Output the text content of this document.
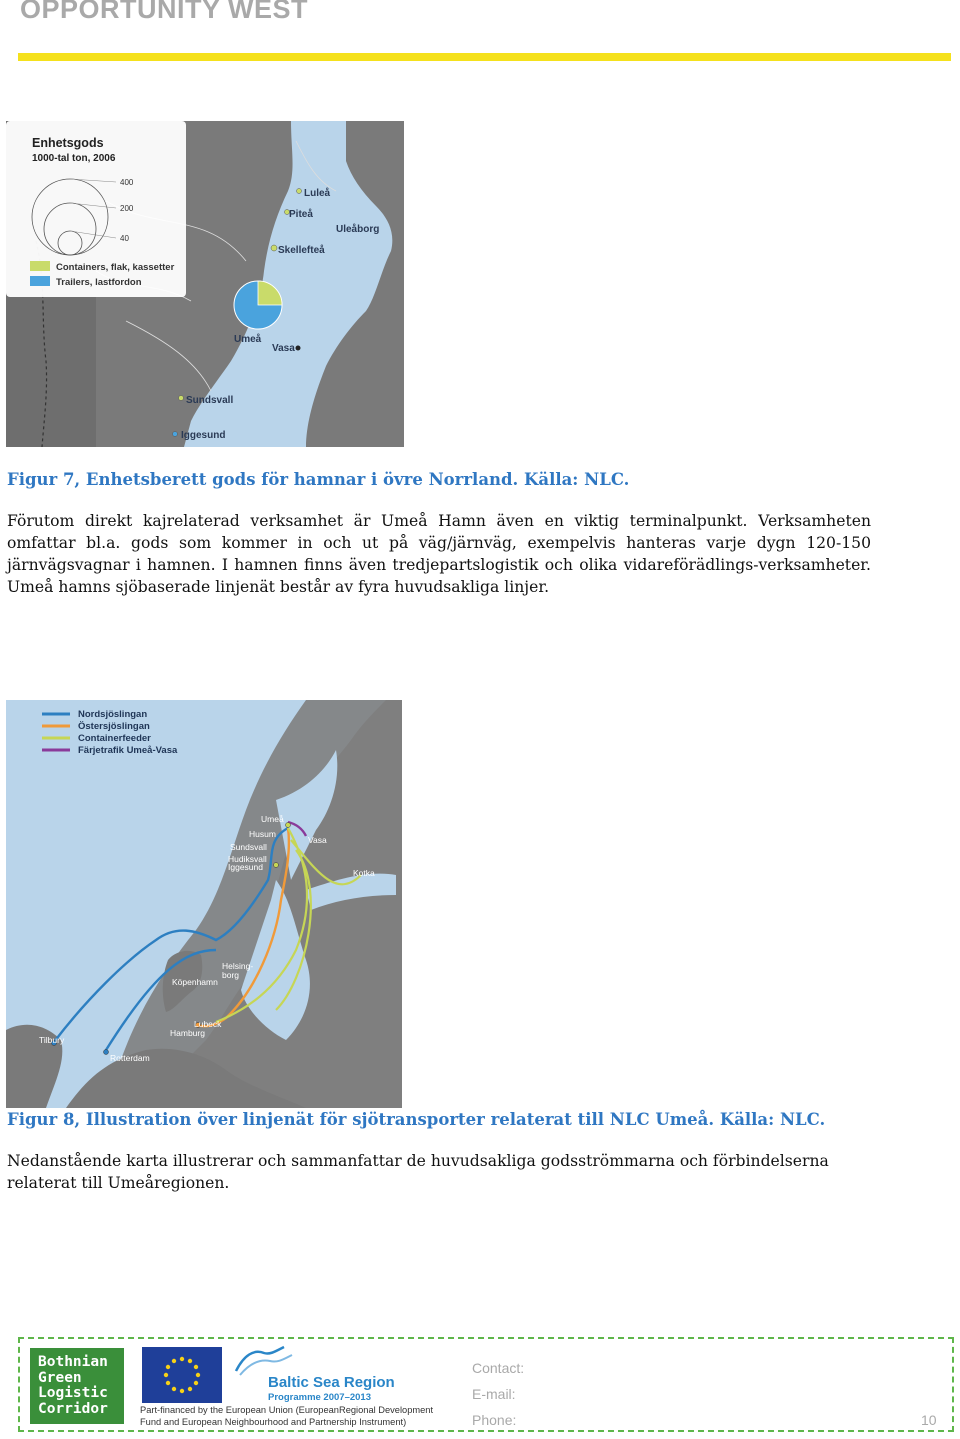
OPPORTUNITY WEST
Enhetsgods
1000-tal ton, 2006
400
200
40
Containers, flak, kassetter
Trailers, lastfordon
Luleå
Piteå
Uleåborg
Skellefteå
Umeå
Vasa
Sundsvall
Iggesund
Figur 7, Enhetsberett gods för hamnar i övre Norrland. Källa: NLC.
Förutom direkt kajrelaterad verksamhet är Umeå Hamn även en viktig terminalpunkt. Verksamheten
omfattar bl.a. gods som kommer in och ut på väg/järnväg, exempelvis hanteras varje dygn 120-150
järnvägsvagnar i hamnen. I hamnen finns även tredjepartslogistik och olika vidareförädlings-verksamheter.
Umeå hamns sjöbaserade linjenät består av fyra huvudsakliga linjer.
Nordsjöslingan
Östersjöslingan
Containerfeeder
Färjetrafik Umeå-Vasa
Umeå
Husum
Sundsvall
Hudiksvall
Iggesund
Vasa
Kotka
Helsing-
borg
Köpenhamn
Lubeck
Hamburg
Tilbury
Rotterdam
Figur 8, Illustration över linjenät för sjötransporter relaterat till NLC Umeå. Källa: NLC.
Nedanstående karta illustrerar och sammanfattar de huvudsakliga godsströmmarna och förbindelserna
relaterat till Umeåregionen.
Bothnian
Green
Logistic
Corridor
Baltic Sea Region
Programme 2007–2013
Part-financed by the European Union (EuropeanRegional Development
Fund and European Neighbourhood and Partnership Instrument)
Contact:
E-mail:
Phone:	10
